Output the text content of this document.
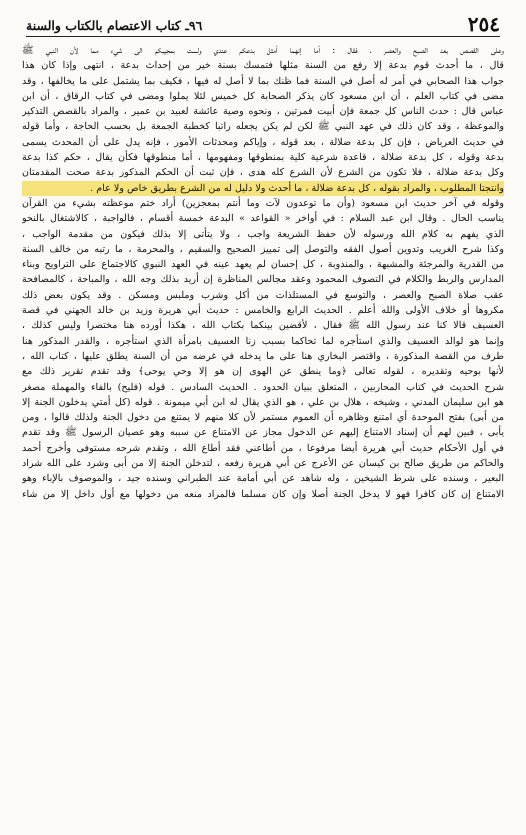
٢٥٤
٩٦ـ كتاب الاعتصام بالكتاب والسنة
وعلى القصص بعد الصبح والعصر ، فقال : أما إنهما أمثل بدعكم عندي ولست بمجيبكم الى شيء مما لأن النبي ﷺ
قال ، ما أحدث قوم بدعة إلا رفع من السنة مثلها فتمسك بسنة خير من إحداث بدعة ، انتهى وإذا كان هذا
جواب هذا الصحابي في أمر له أصل في السنة فما ظنك بما لا أصل له فيها ، فكيف بما يشتمل على ما يخالفها ، وقد
مضى في كتاب العلم ، أن ابن مسعود كان يذكر الصحابة كل خميس لئلا يملوا ومضى في كتاب الرقاق ، أن ابن
عباس قال : حدث الناس كل جمعة فإن أبيت فمرتين ، ونحوه وصية عائشة لعبيد بن عمير ، والمراد بالقصص التذكير
والموعظة ، وقد كان ذلك في عهد النبي ﷺ لكن لم يكن يجعله راتبا كخطبة الجمعة بل بحسب الحاجة ، وأما قوله
في حديث العرباض ، فإن كل بدعة ضلالة ، بعد قوله ، وإياكم ومحدثات الأمور ، فإنه يدل على أن المحدث يسمى
بدعة وقوله ، كل بدعة ضلالة ، قاعدة شرعية كلية بمنطوقها ومفهومها ، أما منطوقها فكأن يقال ، حكم كذا بدعة
وكل بدعة ضلالة ، فلا تكون من الشرع لأن الشرع كله هدى ، فإن ثبت أن الحكم المذكور بدعة صحت المقدمتان
وانتجتا المطلوب ، والمراد بقوله ، كل بدعة ضلالة ، ما أحدث ولا دليل له من الشرع بطريق خاص ولا عام .
وقوله في آخر حديث ابن مسعود (وأن ما توعدون لآت وما أنتم بمعجزين) أراد ختم موعظته بشيء من القرآن
يناسب الحال . وقال ابن عبد السلام : في أواخر « القواعد » البدعة خمسة أقسام ، فالواجبة ، كالاشتغال بالنحو
الذي يفهم به كلام الله ورسوله لأن حفظ الشريعة واجب ، ولا يتأتى إلا بذلك فيكون من مقدمة الواجب ،
وكذا شرح الغريب وتدوين أصول الفقه والتوصل إلى تمييز الصحيح والسقيم ، والمحرمة ، ما رتبه من خالف السنة
من القدرية والمرجئة والمشبهة ، والمندوبة ، كل إحسان لم يعهد عينه في العهد النبوي كالاجتماع على التراويح وبناء
المدارس والربط والكلام في التصوف المحمود وعقد مجالس المناظرة إن أريد بذلك وجه الله ، والمباحة ، كالمصافحة
عقب صلاة الصبح والعصر ، والتوسع في المستلذات من أكل وشرب وملبس ومسكن . وقد يكون بعض ذلك
مكروها أو خلاف الأولى والله أعلم . الحديث الرابع والخامس : حديث أبي هريرة وزيد بن خالد الجهني في قصة
العسيف قالا كنا عند رسول الله ﷺ فقال ، لأقضين بينكما بكتاب الله ، هكذا أورده هنا مختصرا وليس كذلك ،
وإنما هو لوالد العسيف والذي استأجره لما تحاكما بسبب زنا العسيف بامرأة الذي استأجره ، والقدر المذكور هنا
طرف من القصة المذكورة ، واقتصر البخاري هنا على ما يدخله في غرضه من أن السنة يطلق عليها ، كتاب الله ،
لأنها بوحيه وتقديره ، لقوله تعالى ﴿وما ينطق عن الهوى إن هو إلا وحي يوحى﴾ وقد تقدم تقرير ذلك مع
شرح الحديث في كتاب المحاربين ، المتعلق ببيان الحدود . الحديث السادس . قوله (فليح) بالفاء والمهملة مصغر
هو ابن سليمان المدني ، وشيخه ، هلال بن علي ، هو الذي يقال له ابن أبي ميمونة . قوله (كل أمتي يدخلون الجنة إلا
من أبى) بفتح الموحدة أي امتنع وظاهره أن العموم مستمر لأن كلا منهم لا يمتنع من دخول الجنة ولذلك قالوا ، ومن
يأبى ، فبين لهم أن إسناد الامتناع إليهم عن الدخول مجاز عن الامتناع عن سببه وهو عصيان الرسول ﷺ وقد تقدم
في أول الأحكام حديث أبي هريرة أيضا مرفوعا ، من أطاعني فقد أطاع الله ، وتقدم شرحه مستوفى وأخرج أحمد
والحاكم من طريق صالح بن كيسان عن الأعرج عن أبي هريرة رفعه ، لتدخلن الجنة إلا من أبى وشرد على الله شراد
البعير ، وسنده على شرط الشيخين ، وله شاهد عن أبي أمامة عند الطبراني وسنده جيد ، والموصوف بالإباء وهو
الامتناع إن كان كافرا فهو لا يدخل الجنة أصلا وإن كان مسلما فالمراد منعه من دخولها مع أول داخل إلا من شاء
